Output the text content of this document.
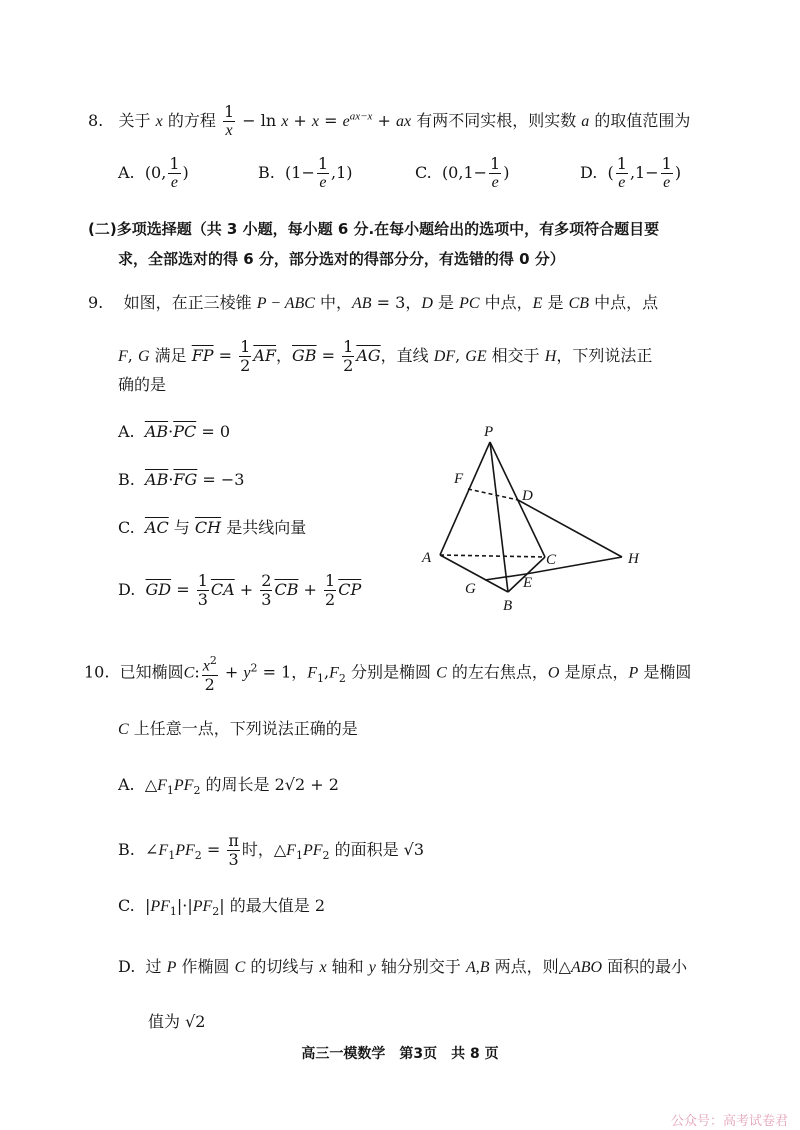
8. 关于 x 的方程 $\frac{1}{x} - \ln x + x = e^{ax-x}$ + ax 有两不同实根，则实数 a 的取值范围为
A.  (0, $\frac{1}{e}$ )	B.  $(1- \frac{1}{e} ,1)$	C.  ($0,1- \frac{1}{e}$ )	D.  ( $\frac{1}{e} ,1- \frac{1}{e}$ )
(二)多项选择题（共 3 小题，每小题 6 分.在每小题给出的选项中，有多项符合题目要
求，全部选对的得 6 分，部分选对的得部分分，有选错的得 0 分）
9.    如图，在正三棱锥 P − ABC 中，AB = 3，D 是 PC 中点，E 是 CB 中点，点
F, G 满足 $\overline{FP} = \frac{1}{2} \overline{AF}$，$\overline{GB} = \frac{1}{2} \overline{AG}$，直线 DF, GE 相交于 H，下列说法正
确的是
A. $\overline{AB}\cdot\overline{PC} = 0$
B. $\overline{AB}\cdot\overline{FG} = -3$
C. $\overline{AC}$ 与 $\overline{CH}$ 是共线向量
D. $\overline{GD} = \frac{1}{3} \overline{CA} + \frac{2}{3} \overline{CB} + \frac{1}{2} \overline{CP}$
P
F
D
A	C	H
G	E
B
10. 已知椭圆C: $\frac{x^2}{2} + y^2 = 1$，$F_1,F_2$ 分别是椭圆 C 的左右焦点，O 是原点，P 是椭圆
C 上任意一点，下列说法正确的是
A.  $\triangle F_1PF_2$ 的周长是 2√2 + 2
B.  $\angle F_1PF_2 = \frac{\pi}{3}$ 时，$\triangle F_1PF_2$ 的面积是 √3
C.  $|PF_1|\cdot|PF_2|$ 的最大值是 2
D.  过 P 作椭圆 C 的切线与 x 轴和 y 轴分别交于 A,B 两点，则△ABO 面积的最小
值为 √2
高三一模数学　第3页　共 8 页
公众号：高考试卷君
